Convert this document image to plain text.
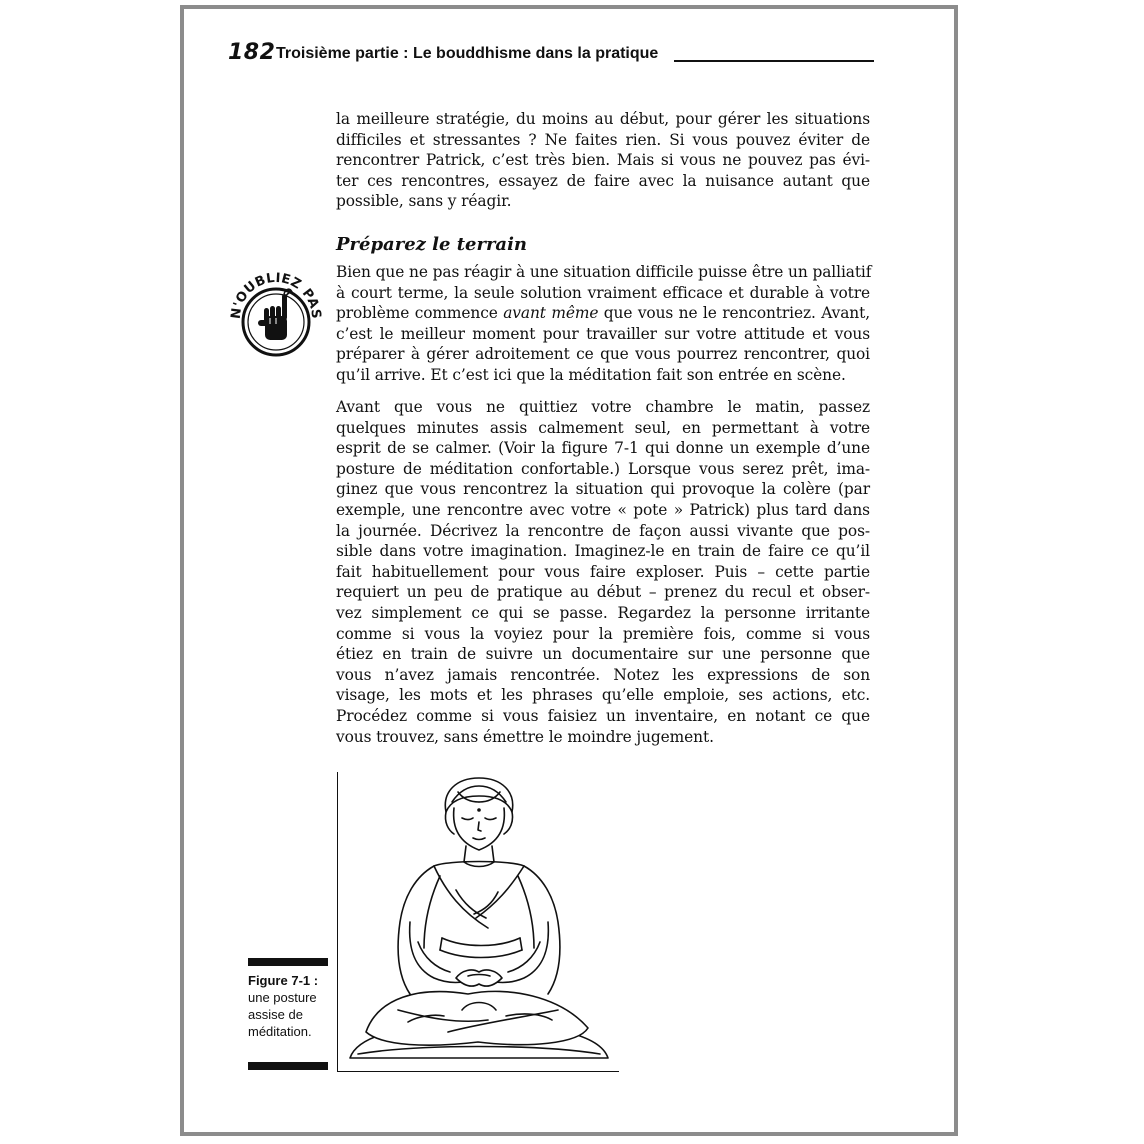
182 Troisième partie : Le bouddhisme dans la pratique
la meilleure stratégie, du moins au début, pour gérer les situations
difficiles et stressantes ? Ne faites rien. Si vous pouvez éviter de
rencontrer Patrick, c’est très bien. Mais si vous ne pouvez pas évi-
ter ces rencontres, essayez de faire avec la nuisance autant que
possible, sans y réagir.
Préparez le terrain
N'OUBLIEZ PAS
Bien que ne pas réagir à une situation difficile puisse être un palliatif
à court terme, la seule solution vraiment efficace et durable à votre
problème commence avant même que vous ne le rencontriez. Avant,
c’est le meilleur moment pour travailler sur votre attitude et vous
préparer à gérer adroitement ce que vous pourrez rencontrer, quoi
qu’il arrive. Et c’est ici que la méditation fait son entrée en scène.
Avant que vous ne quittiez votre chambre le matin, passez
quelques minutes assis calmement seul, en permettant à votre
esprit de se calmer. (Voir la figure 7-1 qui donne un exemple d’une
posture de méditation confortable.) Lorsque vous serez prêt, ima-
ginez que vous rencontrez la situation qui provoque la colère (par
exemple, une rencontre avec votre « pote » Patrick) plus tard dans
la journée. Décrivez la rencontre de façon aussi vivante que pos-
sible dans votre imagination. Imaginez-le en train de faire ce qu’il
fait habituellement pour vous faire exploser. Puis – cette partie
requiert un peu de pratique au début – prenez du recul et obser-
vez simplement ce qui se passe. Regardez la personne irritante
comme si vous la voyiez pour la première fois, comme si vous
étiez en train de suivre un documentaire sur une personne que
vous n’avez jamais rencontrée. Notez les expressions de son
visage, les mots et les phrases qu’elle emploie, ses actions, etc.
Procédez comme si vous faisiez un inventaire, en notant ce que
vous trouvez, sans émettre le moindre jugement.
Figure 7-1 :
une posture
assise de
méditation.
